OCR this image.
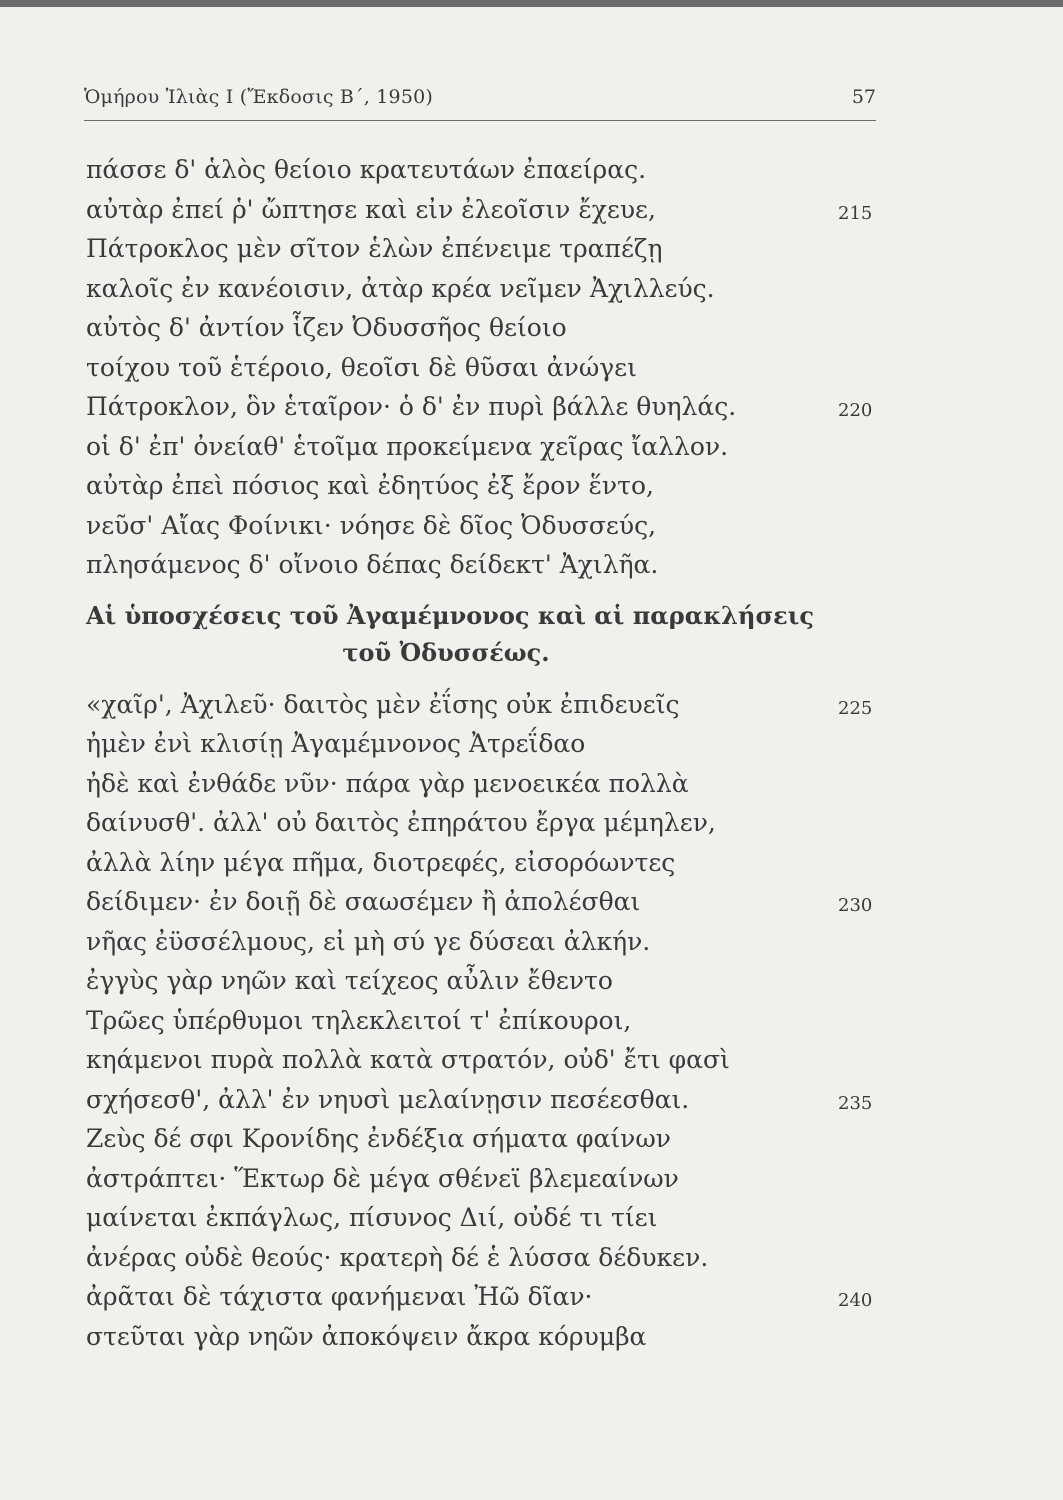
Ὁμήρου Ἰλιὰς Ι (Ἔκδοσις Β΄, 1950)	57
πάσσε δ' ἁλὸς θείοιο κρατευτάων ἐπαείρας.
αὐτὰρ ἐπεί ῥ' ὤπτησε καὶ εἰν ἐλεοῖσιν ἔχευε,	215
Πάτροκλος μὲν σῖτον ἑλὼν ἐπένειμε τραπέζῃ
καλοῖς ἐν κανέοισιν, ἀτὰρ κρέα νεῖμεν Ἀχιλλεύς.
αὐτὸς δ' ἀντίον ἷζεν Ὀδυσσῆος θείοιο
τοίχου τοῦ ἑτέροιο, θεοῖσι δὲ θῦσαι ἀνώγει
Πάτροκλον, ὃν ἑταῖρον· ὁ δ' ἐν πυρὶ βάλλε θυηλάς.	220
οἱ δ' ἐπ' ὀνείαθ' ἑτοῖμα προκείμενα χεῖρας ἴαλλον.
αὐτὰρ ἐπεὶ πόσιος καὶ ἐδητύος ἐξ ἔρον ἕντο,
νεῦσ' Αἴας Φοίνικι· νόησε δὲ δῖος Ὀδυσσεύς,
πλησάμενος δ' οἴνοιο δέπας δείδεκτ' Ἀχιλῆα.
Αἱ ὑποσχέσεις τοῦ Ἀγαμέμνονος καὶ αἱ παρακλήσεις
τοῦ Ὀδυσσέως.
«χαῖρ', Ἀχιλεῦ· δαιτὸς μὲν ἐΐσης οὐκ ἐπιδευεῖς	225
ἠμὲν ἐνὶ κλισίῃ Ἀγαμέμνονος Ἀτρεΐδαο
ἠδὲ καὶ ἐνθάδε νῦν· πάρα γὰρ μενοεικέα πολλὰ
δαίνυσθ'. ἀλλ' οὐ δαιτὸς ἐπηράτου ἔργα μέμηλεν,
ἀλλὰ λίην μέγα πῆμα, διοτρεφές, εἰσορόωντες
δείδιμεν· ἐν δοιῇ δὲ σαωσέμεν ἢ ἀπολέσθαι	230
νῆας ἐϋσσέλμους, εἰ μὴ σύ γε δύσεαι ἀλκήν.
ἐγγὺς γὰρ νηῶν καὶ τείχεος αὖλιν ἔθεντο
Τρῶες ὑπέρθυμοι τηλεκλειτοί τ' ἐπίκουροι,
κηάμενοι πυρὰ πολλὰ κατὰ στρατόν, οὐδ' ἔτι φασὶ
σχήσεσθ', ἀλλ' ἐν νηυσὶ μελαίνῃσιν πεσέεσθαι.	235
Ζεὺς δέ σφι Κρονίδης ἐνδέξια σήματα φαίνων
ἀστράπτει· Ἕκτωρ δὲ μέγα σθένεϊ βλεμεαίνων
μαίνεται ἐκπάγλως, πίσυνος Διί, οὐδέ τι τίει
ἀνέρας οὐδὲ θεούς· κρατερὴ δέ ἑ λύσσα δέδυκεν.
ἀρᾶται δὲ τάχιστα φανήμεναι Ἠῶ δῖαν·	240
στεῦται γὰρ νηῶν ἀποκόψειν ἄκρα κόρυμβα
